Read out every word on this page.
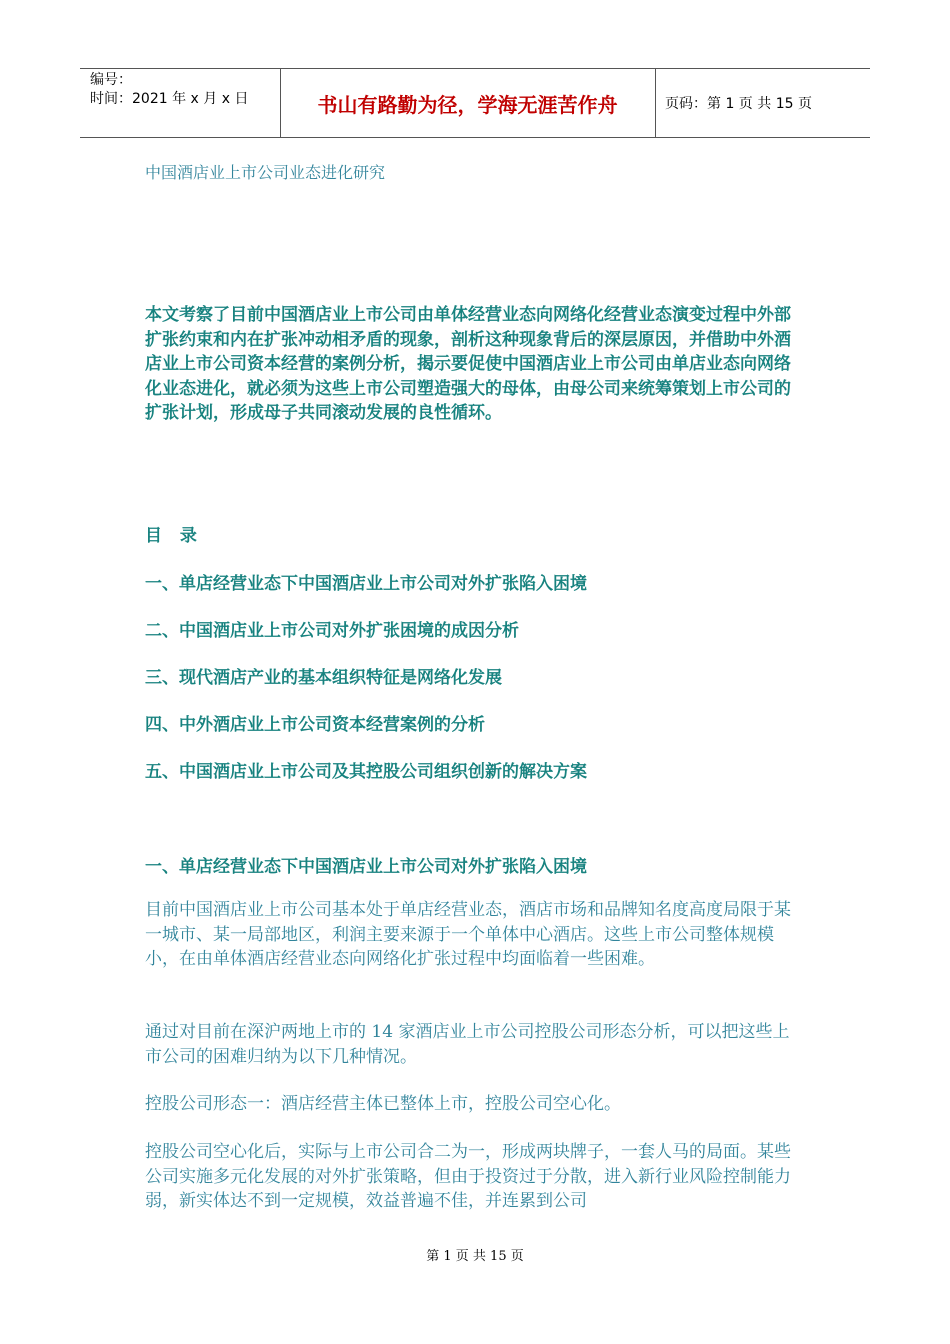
编号：
时间：2021 年 x 月 x 日	书山有路勤为径，学海无涯苦作舟	页码：第 1 页 共 15 页
中国酒店业上市公司业态进化研究

本文考察了目前中国酒店业上市公司由单体经营业态向网络化经营业态演变过程中外部扩张约束和内在扩张冲动相矛盾的现象，剖析这种现象背后的深层原因，并借助中外酒店业上市公司资本经营的案例分析，揭示要促使中国酒店业上市公司由单店业态向网络化业态进化，就必须为这些上市公司塑造强大的母体，由母公司来统筹策划上市公司的扩张计划，形成母子共同滚动发展的良性循环。

目 录
一、单店经营业态下中国酒店业上市公司对外扩张陷入困境
二、中国酒店业上市公司对外扩张困境的成因分析
三、现代酒店产业的基本组织特征是网络化发展
四、中外酒店业上市公司资本经营案例的分析
五、中国酒店业上市公司及其控股公司组织创新的解决方案
一、单店经营业态下中国酒店业上市公司对外扩张陷入困境

目前中国酒店业上市公司基本处于单店经营业态，酒店市场和品牌知名度高度局限于某一城市、某一局部地区，利润主要来源于一个单体中心酒店。这些上市公司整体规模小，在由单体酒店经营业态向网络化扩张过程中均面临着一些困难。

通过对目前在深沪两地上市的 14 家酒店业上市公司控股公司形态分析，可以把这些上市公司的困难归纳为以下几种情况。

控股公司形态一：酒店经营主体已整体上市，控股公司空心化。

控股公司空心化后，实际与上市公司合二为一，形成两块牌子，一套人马的局面。某些公司实施多元化发展的对外扩张策略，但由于投资过于分散，进入新行业风险控制能力弱，新实体达不到一定规模，效益普遍不佳，并连累到公司

第 1 页 共 15 页
